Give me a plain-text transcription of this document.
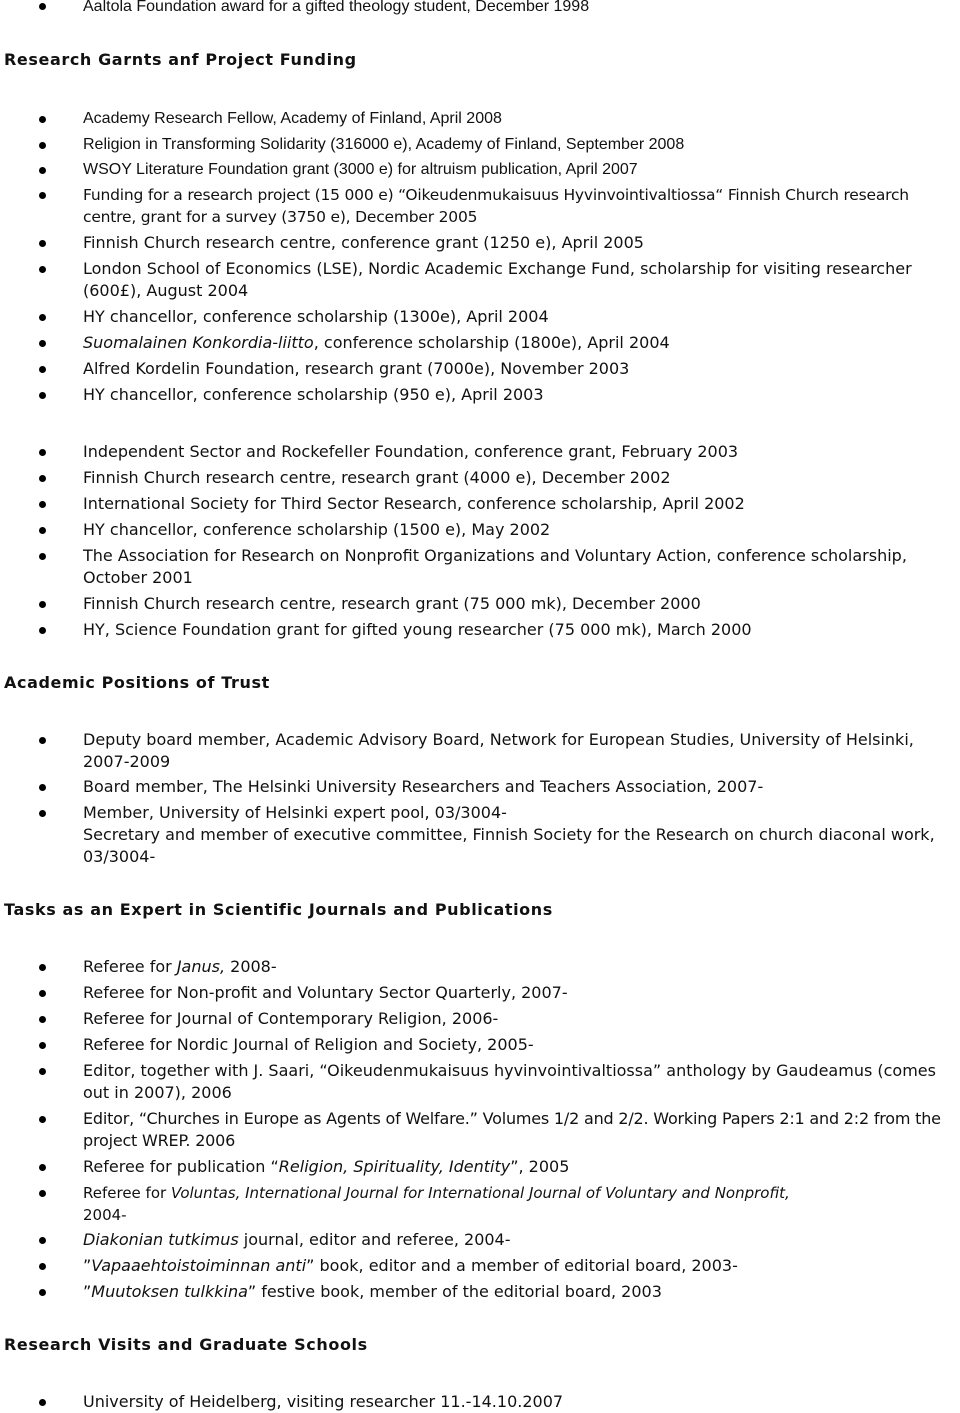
Aaltola Foundation award for a gifted theology student, December 1998
Research Garnts anf Project Funding
Academy Research Fellow, Academy of Finland, April 2008
Religion in Transforming Solidarity (316000 e), Academy of Finland, September 2008
WSOY Literature Foundation grant (3000 e) for altruism publication, April 2007
Funding for a research project (15 000 e) “Oikeudenmukaisuus Hyvinvointivaltiossa“ Finnish Church research centre, grant for a survey (3750 e), December 2005
Finnish Church research centre, conference grant (1250 e), April 2005
London School of Economics (LSE), Nordic Academic Exchange Fund, scholarship for visiting researcher (600£), August 2004
HY chancellor, conference scholarship (1300e), April 2004
Suomalainen Konkordia-liitto, conference scholarship (1800e), April 2004
Alfred Kordelin Foundation, research grant (7000e), November 2003
HY chancellor, conference scholarship (950 e), April 2003
Independent Sector and Rockefeller Foundation, conference grant, February 2003
Finnish Church research centre, research grant (4000 e), December 2002
International Society for Third Sector Research, conference scholarship, April 2002
HY chancellor, conference scholarship (1500 e), May 2002
The Association for Research on Nonprofit Organizations and Voluntary Action, conference scholarship, October 2001
Finnish Church research centre, research grant (75 000 mk), December 2000
HY, Science Foundation grant for gifted young researcher (75 000 mk), March 2000
Academic Positions of Trust
Deputy board member, Academic Advisory Board, Network for European Studies, University of Helsinki, 2007-2009
Board member, The Helsinki University Researchers and Teachers Association, 2007-
Member, University of Helsinki expert pool, 03/3004-
Secretary and member of executive committee, Finnish Society for the Research on church diaconal work, 03/3004-
Tasks as an Expert in Scientific Journals and Publications
Referee for Janus, 2008-
Referee for Non-profit and Voluntary Sector Quarterly, 2007-
Referee for Journal of Contemporary Religion, 2006-
Referee for Nordic Journal of Religion and Society, 2005-
Editor, together with J. Saari, “Oikeudenmukaisuus hyvinvointivaltiossa” anthology by Gaudeamus (comes out in 2007), 2006
Editor, “Churches in Europe as Agents of Welfare.” Volumes 1/2 and 2/2. Working Papers 2:1 and 2:2 from the project WREP. 2006
Referee for publication “Religion, Spirituality, Identity”, 2005
Referee for Voluntas, International Journal for International Journal of Voluntary and Nonprofit,
2004-
Diakonian tutkimus journal, editor and referee, 2004-
”Vapaaehtoistoiminnan anti” book, editor and a member of editorial board, 2003-
”Muutoksen tulkkina” festive book, member of the editorial board, 2003
Research Visits and Graduate Schools
University of Heidelberg, visiting researcher 11.-14.10.2007
